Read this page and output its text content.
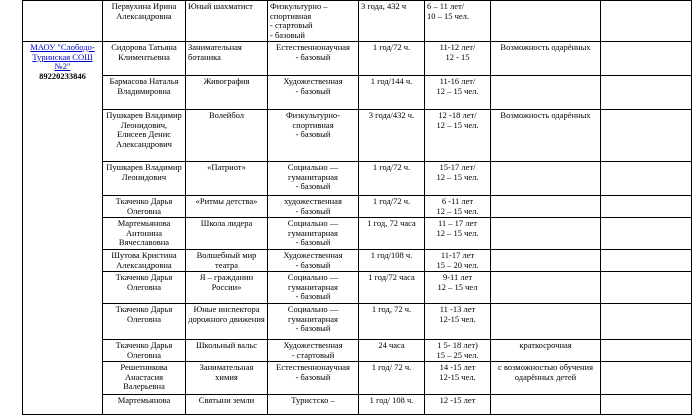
	Первухина Ирина Александровна	Юный шахматист	Физкультурно – спортивная
- стартовый
- базовый	3 года, 432 ч	6 – 11 лет/
10 – 15 чел.		

МАОУ "Слободо-Туринская СОШ №2"
89220233846	Сидорова Татьяна Климентьевна	Занимательная ботаника	Естественнонаучная
- базовый	1 год/72 ч.	11-12 лет/
12 - 15	Возможность одарённых	

	Бармасова Наталья Владимировна	Живография	Художественная
- базовый	1 год/144 ч.	11-16 лет/
12 – 15 чел.		

	Пушкарев Владимир Леонидович,
Елисеев Денис Александрович	Волейбол	Физкультурно-спортивная
- базовый	3 года/432 ч.	12 -18 лет/
12 – 15 чел.	Возможность одарённых	

	Пушкарев Владимир Леонидович	«Патриот»	Социально — гуманитарная
- базовый	1 год/72 ч.	15-17 лет/
12 – 15 чел.		

	Ткаченко Дарья Олеговна	«Ритмы детства»	художественная
- базовый	1 год/72 ч.	6 -11 лет
12 – 15 чел.		

	Мартемьянова Антонина Вячеславовна	Школа лидера	Социально — гуманитарная
- базовый	1 год, 72 часа	11 – 17 лет
12 – 15 чел.		

	Шутова Кристина Александровна	Волшебный мир театра	Художественная
- базовый	1 год/108 ч.	11-17 лет
15 – 20 чел.		

	Ткаченко Дарья Олеговна	Я – гражданин России»	Социально — гуманитарная
- базовый	1 год/72 часа	9-11 лет
12 – 15 чел		

	Ткаченко Дарья Олеговна	Юные инспектора дорожного движения	Социально — гуманитарная
- базовый	1 год, 72 ч.	11 -13 лет
12-15 чел.		

	Ткаченко Дарья Олеговна	Школьный вальс	Художественная
- стартовый	24 часа	1 5- 18 лет)
15 – 25 чел.	краткосрочная	

	Решетникова Анастасия Валерьевна	Занимательная химия	Естественнонаучная
- базовый	1 год/ 72 ч.	14 -15 лет
12-15 чел.	с возможностью обучения одарённых детей	

	Мартемьянова	Святыни земли	Туристско –	1 год/ 108 ч.	12 -15 лет		
